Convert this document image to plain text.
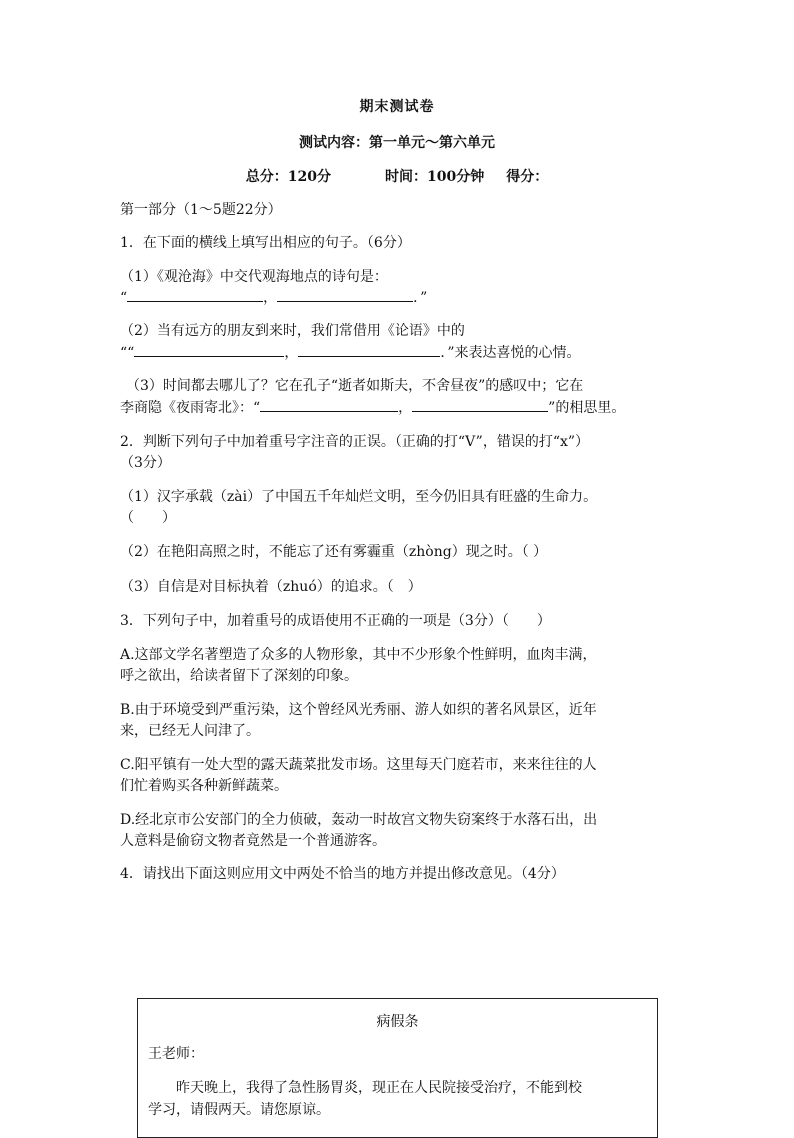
期末测试卷
测试内容：第一单元～第六单元
总分：120分	时间：100分钟 得分：
第一部分（1～5题22分）
1．在下面的横线上填写出相应的句子。（6分）
（1）《观沧海》中交代观海地点的诗句是：
“	，	．”
（2）当有远方的朋友到来时，我们常借用《论语》中的
““	，	．”来表达喜悦的心情。
（3）时间都去哪儿了？它在孔子“逝者如斯夫，不舍昼夜”的感叹中；它在
李商隐《夜雨寄北》：“	，	”的相思里。
2．判断下列句子中加着重号字注音的正误。（正确的打“V”，错误的打“x”）
（3分）
（1）汉字承载（zài）了中国五千年灿烂文明，至今仍旧具有旺盛的生命力。
（　　）
（2）在艳阳高照之时，不能忘了还有雾霾重（zhòng）现之时。（ ）
（3）自信是对目标执着（zhuó）的追求。（　）
3．下列句子中，加着重号的成语使用不正确的一项是（3分）（　　）
A.这部文学名著塑造了众多的人物形象，其中不少形象个性鲜明，血肉丰满，
呼之欲出，给读者留下了深刻的印象。
B.由于环境受到严重污染，这个曾经风光秀丽、游人如织的著名风景区，近年
来，已经无人问津了。
C.阳平镇有一处大型的露天蔬菜批发市场。这里每天门庭若市，来来往往的人
们忙着购买各种新鲜蔬菜。
D.经北京市公安部门的全力侦破，轰动一时故宫文物失窃案终于水落石出，出
人意料是偷窃文物者竟然是一个普通游客。
4．请找出下面这则应用文中两处不恰当的地方并提出修改意见。（4分）
病假条
王老师：
昨天晚上，我得了急性肠胃炎，现正在人民院接受治疗，不能到校
学习，请假两天。请您原谅。
